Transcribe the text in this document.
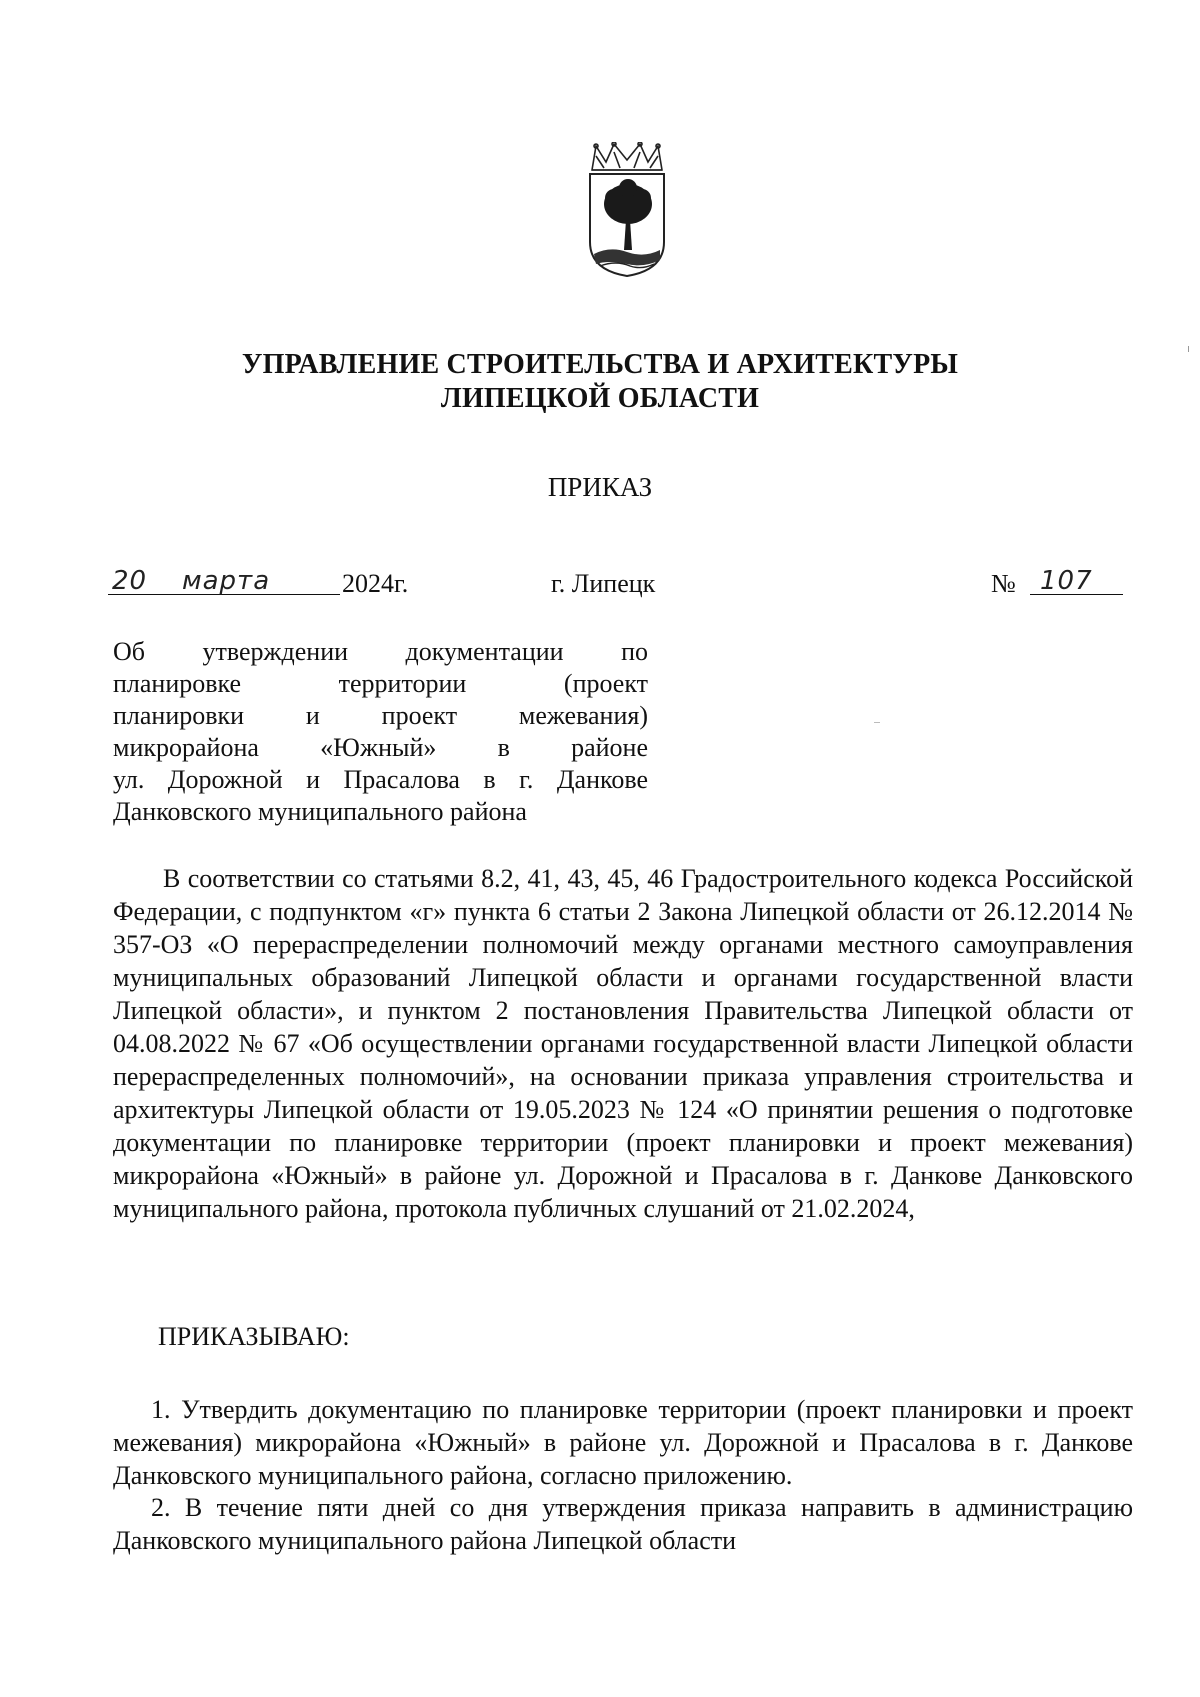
УПРАВЛЕНИЕ СТРОИТЕЛЬСТВА И АРХИТЕКТУРЫ
ЛИПЕЦКОЙ ОБЛАСТИ
ПРИКАЗ
20 марта	2024г.	г. Липецк	№ 107
Об утверждении документации по
планировке территории (проект
планировки и проект межевания)
микрорайона «Южный» в районе
ул. Дорожной и Прасалова в г. Данкове
Данковского муниципального района
В соответствии со статьями 8.2, 41, 43, 45, 46 Градостроительного кодекса Российской Федерации, с подпунктом «г» пункта 6 статьи 2 Закона Липецкой области от 26.12.2014 № 357-ОЗ «О перераспределении полномочий между органами местного самоуправления муниципальных образований Липецкой области и органами государственной власти Липецкой области», и пунктом 2 постановления Правительства Липецкой области от 04.08.2022 № 67 «Об осуществлении органами государственной власти Липецкой области перераспределенных полномочий», на основании приказа управления строительства и архитектуры Липецкой области от 19.05.2023 № 124 «О принятии решения о подготовке документации по планировке территории (проект планировки и проект межевания) микрорайона «Южный» в районе ул. Дорожной и Прасалова в г. Данкове Данковского муниципального района, протокола публичных слушаний от 21.02.2024,
ПРИКАЗЫВАЮ:
1. Утвердить документацию по планировке территории (проект планировки и проект межевания) микрорайона «Южный» в районе ул. Дорожной и Прасалова в г. Данкове Данковского муниципального района, согласно приложению.
2. В течение пяти дней со дня утверждения приказа направить в администрацию Данковского муниципального района Липецкой области
